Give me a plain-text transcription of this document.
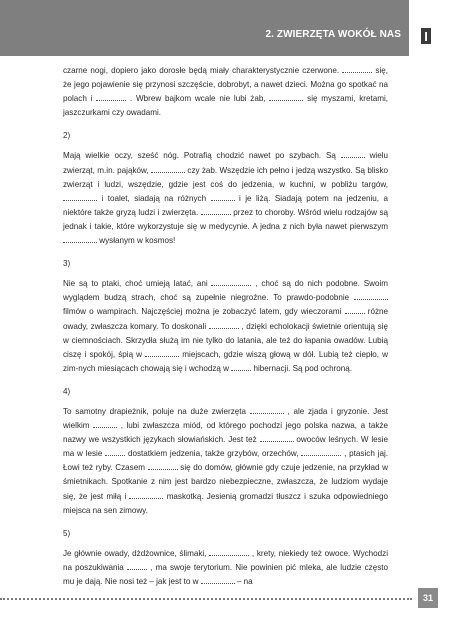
2. ZWIERZĘTA WOKÓŁ NAS I

czarne nogi, dopiero jako dorosłe będą miały charakterystycznie czerwone.	się, że jego pojawienie się przynosi szczęście, dobrobyt, a nawet dzieci. Można go spotkać na polach i	. Wbrew bajkom wcale nie lubi żab,	się myszami, kretami, jaszczurkami czy owadami.

2)

Mają wielkie oczy, sześć nóg. Potrafią chodzić nawet po szybach. Są	wielu zwierząt, m.in. pająków,	czy żab. Wszędzie ich pełno i jedzą wszystko. Są blisko zwierząt i ludzi, wszędzie, gdzie jest coś do jedzenia, w kuchni, w pobliżu targów,  i toalet, siadają na różnych	i je liżą. Siadają potem na jedzeniu, a niektóre także gryzą ludzi i zwierzęta.	przez to choroby. Wśród wielu rodzajów są jednak i takie, które wykorzystuje się w medycynie. A jedna z nich była nawet pierwszym  wysłanym w kosmos!

3)

Nie są to ptaki, choć umieją latać, ani	, choć są do nich podobne. Swoim wyglądem budzą strach, choć są zupełnie niegroźne. To prawdo-podobnie  filmów o wampirach. Najczęściej można je zobaczyć latem, gdy wieczorami	różne owady, zwłaszcza komary. To doskonali	, dzięki echolokacji świetnie orientują się w ciemnościach. Skrzydła służą im nie tylko do latania, ale też do łapania owadów. Lubią ciszę i spokój, śpią w	miejscach, gdzie wiszą głową w dół. Lubią też ciepło, w zim-nych miesiącach chowają się i wchodzą w	hibernacji. Są pod ochroną.

4)

To samotny drapieżnik, poluje na duże zwierzęta	, ale zjada i gryzonie. Jest wielkim	, lubi zwłaszcza miód, od którego pochodzi jego polska nazwa, a także nazwy we wszystkich językach słowiańskich. Jest też	owoców leśnych. W lesie ma w lesie	dostatkiem jedzenia, także grzybów, orzechów,	, ptasich jaj. Łowi też ryby. Czasem	się do domów, głównie gdy czuje jedzenie, na przykład w śmietnikach. Spotkanie z nim jest bardzo niebezpieczne, zwłaszcza, że ludziom wydaje się, że jest miłą i	maskotką. Jesienią gromadzi tłuszcz i szuka odpowiedniego miejsca na sen zimowy.

5)

Je głównie owady, dżdżownice, ślimaki,	, krety, niekiedy też owoce. Wychodzi na poszukiwania	, ma swoje terytorium. Nie powinien pić mleka, ale ludzie często mu je dają. Nie nosi też – jak jest to w	– na

31
